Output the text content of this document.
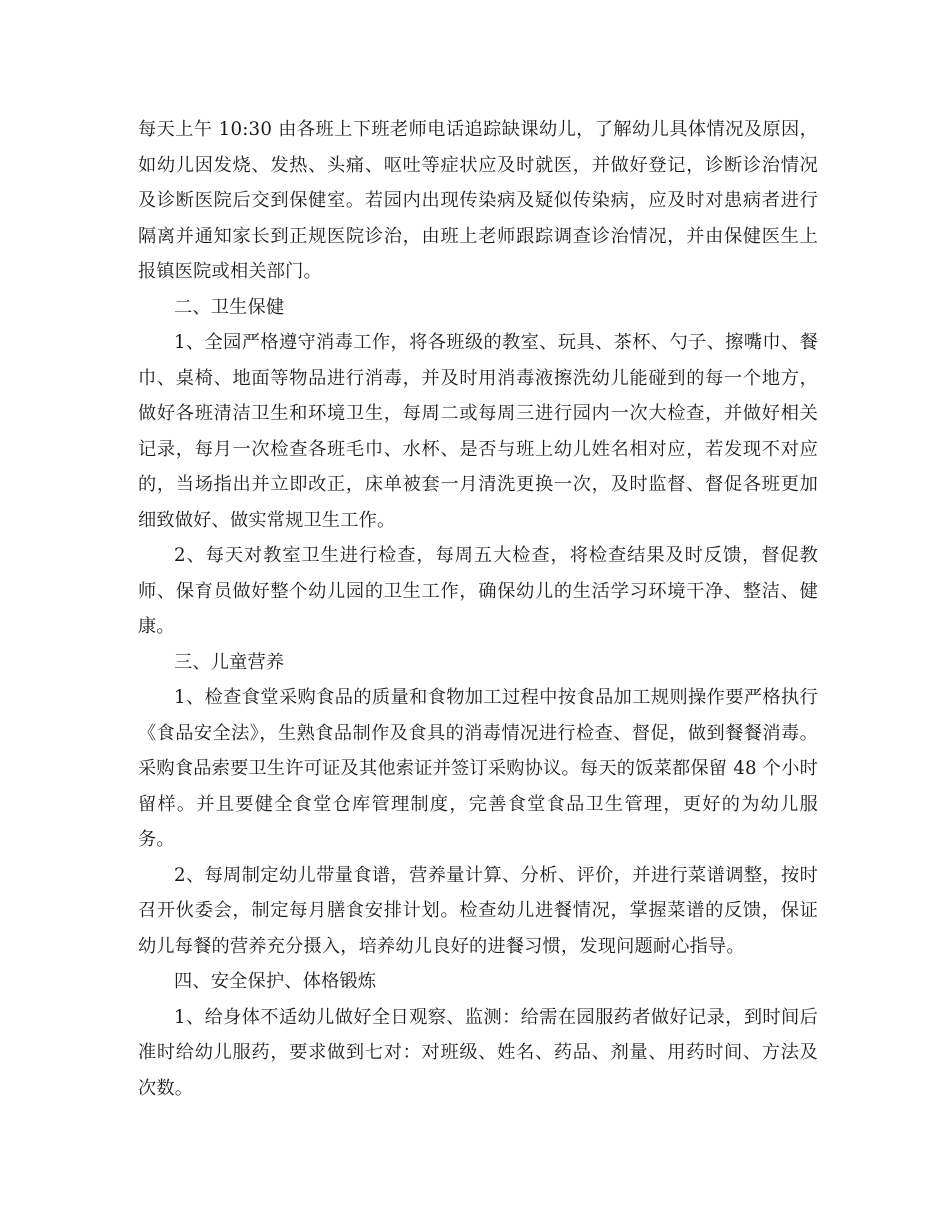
每天上午 10:30 由各班上下班老师电话追踪缺课幼儿，了解幼儿具体情况及原因，如幼儿因发烧、发热、头痛、呕吐等症状应及时就医，并做好登记，诊断诊治情况及诊断医院后交到保健室。若园内出现传染病及疑似传染病，应及时对患病者进行隔离并通知家长到正规医院诊治，由班上老师跟踪调查诊治情况，并由保健医生上报镇医院或相关部门。

二、卫生保健

1、全园严格遵守消毒工作，将各班级的教室、玩具、茶杯、勺子、擦嘴巾、餐巾、桌椅、地面等物品进行消毒，并及时用消毒液擦洗幼儿能碰到的每一个地方，做好各班清洁卫生和环境卫生，每周二或每周三进行园内一次大检查，并做好相关记录，每月一次检查各班毛巾、水杯、是否与班上幼儿姓名相对应，若发现不对应的，当场指出并立即改正，床单被套一月清洗更换一次，及时监督、督促各班更加细致做好、做实常规卫生工作。

2、每天对教室卫生进行检查，每周五大检查，将检查结果及时反馈，督促教师、保育员做好整个幼儿园的卫生工作，确保幼儿的生活学习环境干净、整洁、健康。

三、儿童营养

1、检查食堂采购食品的质量和食物加工过程中按食品加工规则操作要严格执行《食品安全法》，生熟食品制作及食具的消毒情况进行检查、督促，做到餐餐消毒。采购食品索要卫生许可证及其他索证并签订采购协议。每天的饭菜都保留 48 个小时留样。并且要健全食堂仓库管理制度，完善食堂食品卫生管理，更好的为幼儿服务。

2、每周制定幼儿带量食谱，营养量计算、分析、评价，并进行菜谱调整，按时召开伙委会，制定每月膳食安排计划。检查幼儿进餐情况，掌握菜谱的反馈，保证幼儿每餐的营养充分摄入，培养幼儿良好的进餐习惯，发现问题耐心指导。

四、安全保护、体格锻炼

1、给身体不适幼儿做好全日观察、监测：给需在园服药者做好记录，到时间后准时给幼儿服药，要求做到七对：对班级、姓名、药品、剂量、用药时间、方法及次数。
